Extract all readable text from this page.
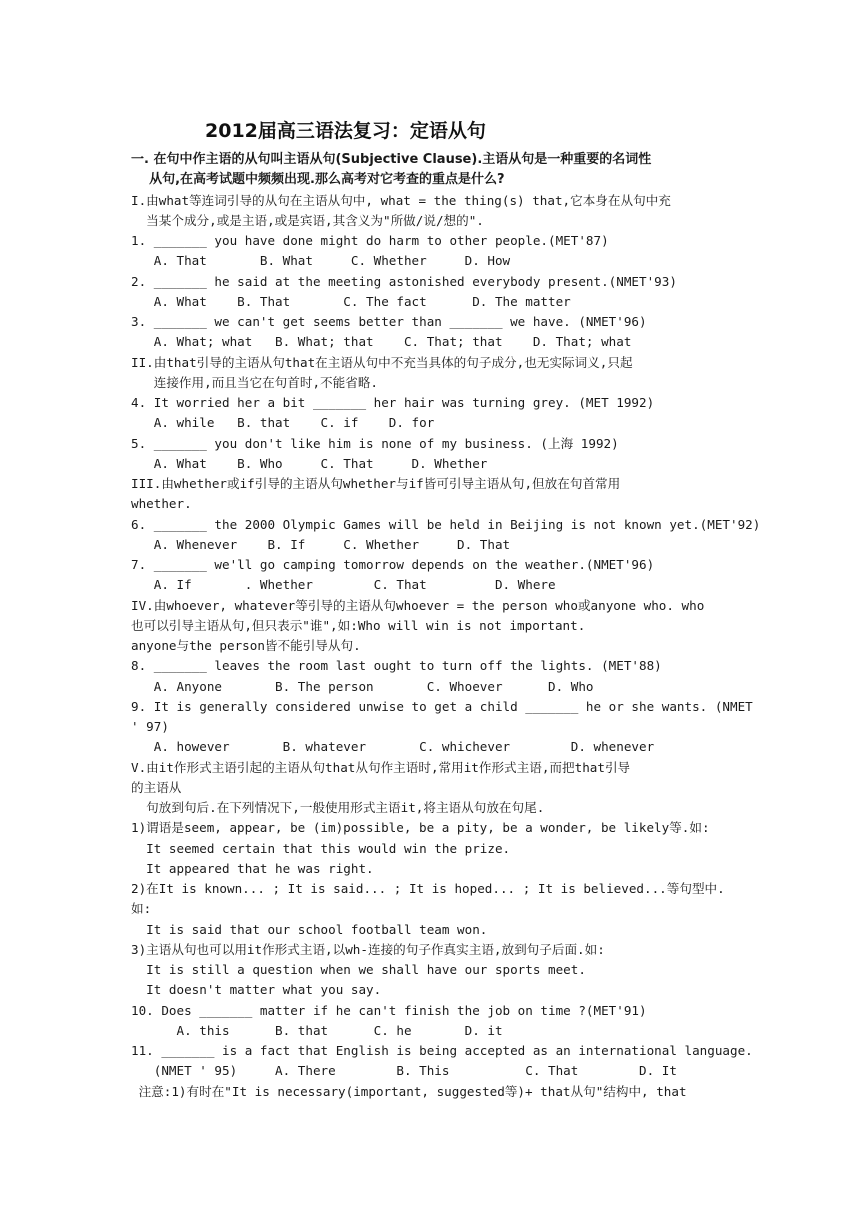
2012届高三语法复习：定语从句
一. 在句中作主语的从句叫主语从句(Subjective Clause).主语从句是一种重要的名词性
从句,在高考试题中频频出现.那么高考对它考查的重点是什么?
I.由what等连词引导的从句在主语从句中, what = the thing(s) that,它本身在从句中充
当某个成分,或是主语,或是宾语,其含义为"所做/说/想的".
1. _______ you have done might do harm to other people.(MET'87)
A. That       B. What     C. Whether     D. How
2. _______ he said at the meeting astonished everybody present.(NMET'93)
A. What    B. That       C. The fact      D. The matter
3. _______ we can't get seems better than _______ we have. (NMET'96)
A. What; what   B. What; that    C. That; that    D. That; what
II.由that引导的主语从句that在主语从句中不充当具体的句子成分,也无实际词义,只起
连接作用,而且当它在句首时,不能省略.
4. It worried her a bit _______ her hair was turning grey. (MET 1992)
A. while   B. that    C. if    D. for
5. _______ you don't like him is none of my business. (上海 1992)
A. What    B. Who     C. That     D. Whether
III.由whether或if引导的主语从句whether与if皆可引导主语从句,但放在句首常用
whether.
6. _______ the 2000 Olympic Games will be held in Beijing is not known yet.(MET'92)
A. Whenever    B. If     C. Whether     D. That
7. _______ we'll go camping tomorrow depends on the weather.(NMET'96)
A. If       . Whether        C. That         D. Where
IV.由whoever, whatever等引导的主语从句whoever = the person who或anyone who. who
也可以引导主语从句,但只表示"谁",如:Who will win is not important.
anyone与the person皆不能引导从句.
8. _______ leaves the room last ought to turn off the lights. (MET'88)
A. Anyone       B. The person       C. Whoever      D. Who
9. It is generally considered unwise to get a child _______ he or she wants. (NMET
' 97)
A. however       B. whatever       C. whichever        D. whenever
V.由it作形式主语引起的主语从句that从句作主语时,常用it作形式主语,而把that引导
的主语从
句放到句后.在下列情况下,一般使用形式主语it,将主语从句放在句尾.
1)谓语是seem, appear, be (im)possible, be a pity, be a wonder, be likely等.如:
It seemed certain that this would win the prize.
It appeared that he was right.
2)在It is known... ; It is said... ; It is hoped... ; It is believed...等句型中.
如:
It is said that our school football team won.
3)主语从句也可以用it作形式主语,以wh-连接的句子作真实主语,放到句子后面.如:
It is still a question when we shall have our sports meet.
It doesn't matter what you say.
10. Does _______ matter if he can't finish the job on time ?(MET'91)
A. this      B. that      C. he       D. it
11. _______ is a fact that English is being accepted as an international language.
(NMET ' 95)     A. There        B. This          C. That        D. It
注意:1)有时在"It is necessary(important, suggested等)+ that从句"结构中, that
